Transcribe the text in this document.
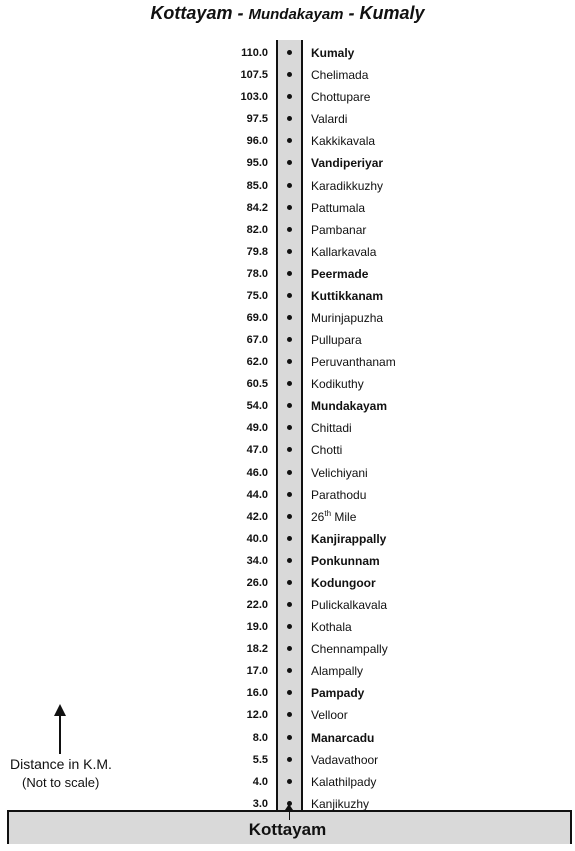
Kottayam - Mundakayam - Kumaly
Kottayam
110.0	Kumaly
107.5	Chelimada
103.0	Chottupare
97.5	Valardi
96.0	Kakkikavala
95.0	Vandiperiyar
85.0	Karadikkuzhy
84.2	Pattumala
82.0	Pambanar
79.8	Kallarkavala
78.0	Peermade
75.0	Kuttikkanam
69.0	Murinjapuzha
67.0	Pullupara
62.0	Peruvanthanam
60.5	Kodikuthy
54.0	Mundakayam
49.0	Chittadi
47.0	Chotti
46.0	Velichiyani
44.0	Parathodu
42.0	26th Mile
40.0	Kanjirappally
34.0	Ponkunnam
26.0	Kodungoor
22.0	Pulickalkavala
19.0	Kothala
18.2	Chennampally
17.0	Alampally
16.0	Pampady
12.0	Velloor
8.0	Manarcadu
5.5	Vadavathoor
4.0	Kalathilpady
3.0	Kanjikuzhy
Distance in K.M.
(Not to scale)
